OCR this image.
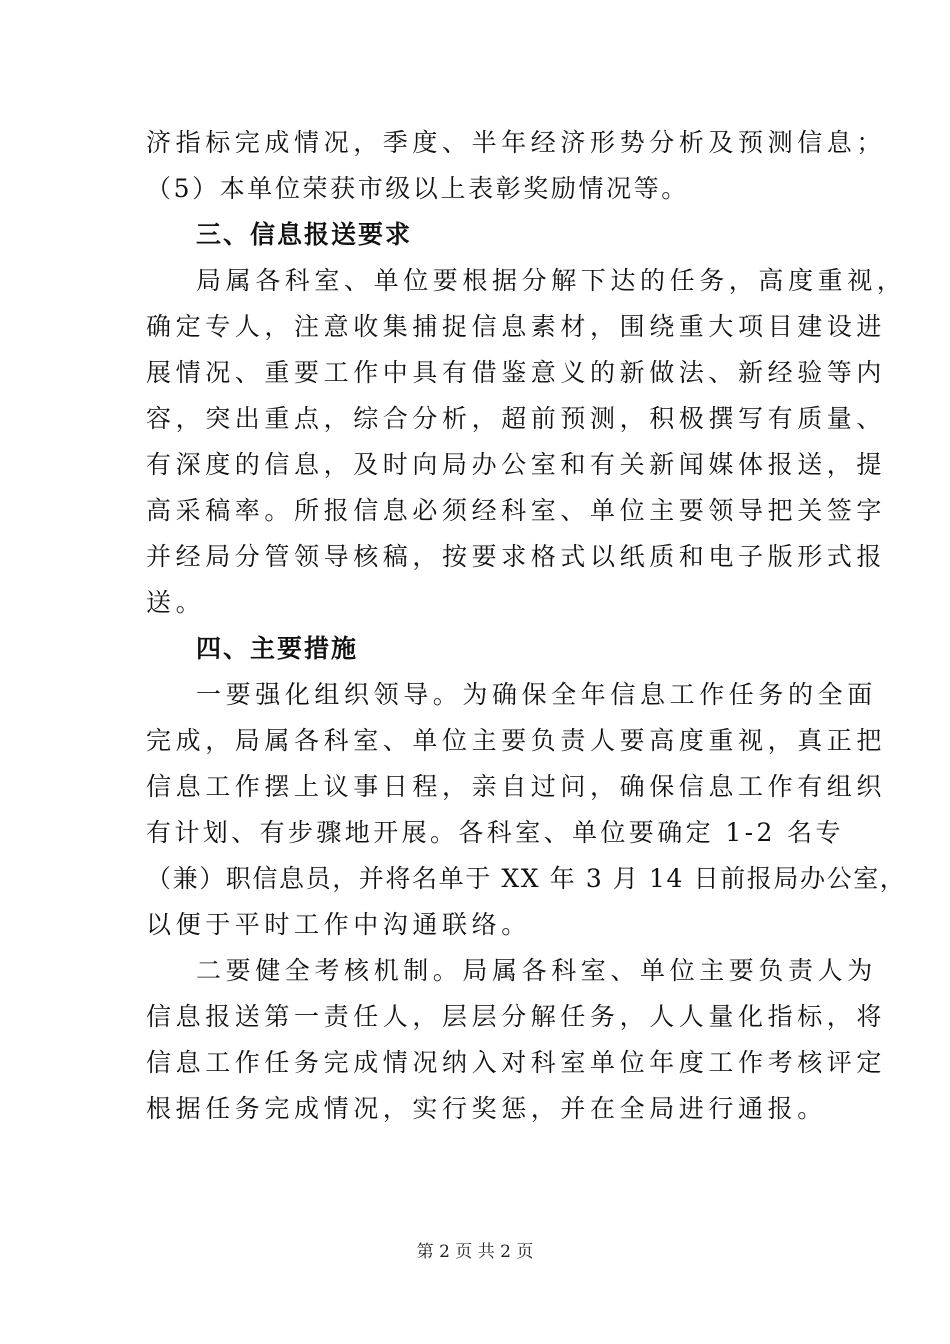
济指标完成情况，季度、半年经济形势分析及预测信息；
（5）本单位荣获市级以上表彰奖励情况等。
三、信息报送要求
局属各科室、单位要根据分解下达的任务，高度重视，
确定专人，注意收集捕捉信息素材，围绕重大项目建设进
展情况、重要工作中具有借鉴意义的新做法、新经验等内
容，突出重点，综合分析，超前预测，积极撰写有质量、
有深度的信息，及时向局办公室和有关新闻媒体报送，提
高采稿率。所报信息必须经科室、单位主要领导把关签字
并经局分管领导核稿，按要求格式以纸质和电子版形式报
送。
四、主要措施
一要强化组织领导。为确保全年信息工作任务的全面
完成，局属各科室、单位主要负责人要高度重视，真正把
信息工作摆上议事日程，亲自过问，确保信息工作有组织
有计划、有步骤地开展。各科室、单位要确定 1-2 名专
（兼）职信息员，并将名单于 XX 年 3 月 14 日前报局办公室，
以便于平时工作中沟通联络。
二要健全考核机制。局属各科室、单位主要负责人为
信息报送第一责任人，层层分解任务，人人量化指标，将
信息工作任务完成情况纳入对科室单位年度工作考核评定
根据任务完成情况，实行奖惩，并在全局进行通报。
第 2 页 共 2 页
